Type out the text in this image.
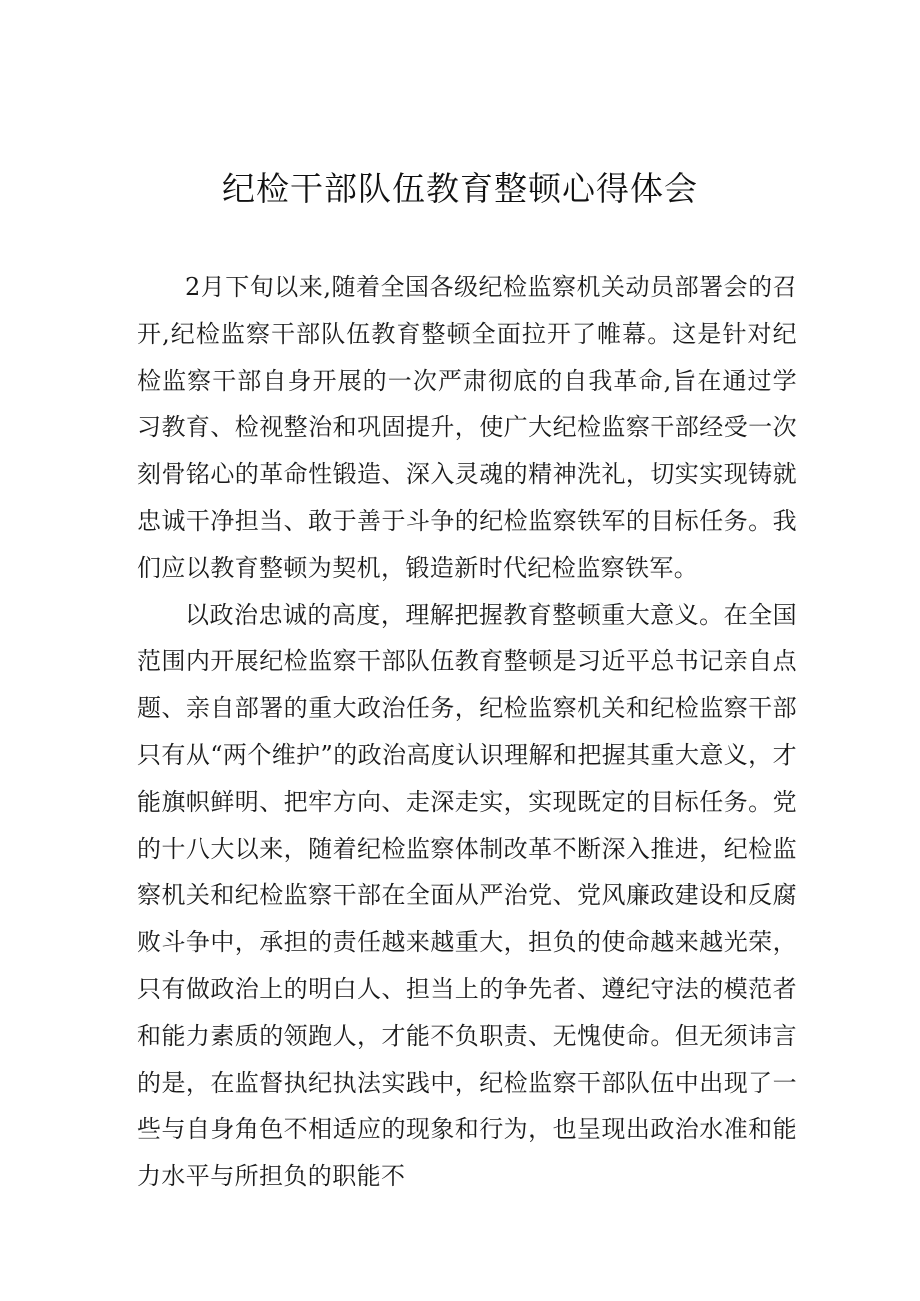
纪检干部队伍教育整顿心得体会

2月下旬以来,随着全国各级纪检监察机关动员部署会的召开,纪检监察干部队伍教育整顿全面拉开了帷幕。这是针对纪检监察干部自身开展的一次严肃彻底的自我革命,旨在通过学习教育、检视整治和巩固提升，使广大纪检监察干部经受一次刻骨铭心的革命性锻造、深入灵魂的精神洗礼，切实实现铸就忠诚干净担当、敢于善于斗争的纪检监察铁军的目标任务。我们应以教育整顿为契机，锻造新时代纪检监察铁军。

以政治忠诚的高度，理解把握教育整顿重大意义。在全国范围内开展纪检监察干部队伍教育整顿是习近平总书记亲自点题、亲自部署的重大政治任务，纪检监察机关和纪检监察干部只有从“两个维护”的政治高度认识理解和把握其重大意义，才能旗帜鲜明、把牢方向、走深走实，实现既定的目标任务。党的十八大以来，随着纪检监察体制改革不断深入推进，纪检监察机关和纪检监察干部在全面从严治党、党风廉政建设和反腐败斗争中，承担的责任越来越重大，担负的使命越来越光荣，只有做政治上的明白人、担当上的争先者、遵纪守法的模范者和能力素质的领跑人，才能不负职责、无愧使命。但无须讳言的是，在监督执纪执法实践中，纪检监察干部队伍中出现了一些与自身角色不相适应的现象和行为，也呈现出政治水准和能力水平与所担负的职能不
